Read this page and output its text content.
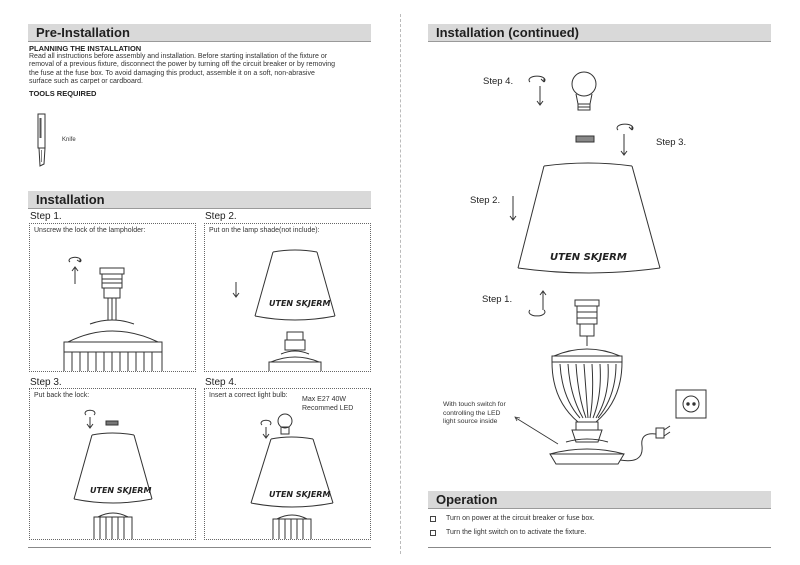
Pre-Installation
PLANNING THE INSTALLATION
Read all instructions before assembly and installation. Before starting installation of the fixture or
removal of a previous fixture, disconnect the power by turning off the circuit breaker or by removing
the fuse at the fuse box. To avoid damaging this product, assemble it on a soft, non-abrasive
surface such as carpet or cardboard.
TOOLS REQUIRED
Knife
Installation
Step 1.
Unscrew the lock of the lampholder:
Step 2.
Put on the lamp shade(not include):
UTEN SKJERM
Step 3.
Put back the lock:
UTEN SKJERM
Step 4.
Insert a correct light bulb:
Max E27 40W
Recommed LED
UTEN SKJERM
Installation (continued)
Step 4.
Step 3.
Step 2.
Step 1.
UTEN SKJERM
With touch switch for
controlling the LED
light source inside
Operation
Turn on power at the circuit breaker or fuse box.
Turn the light switch on to activate the fixture.
